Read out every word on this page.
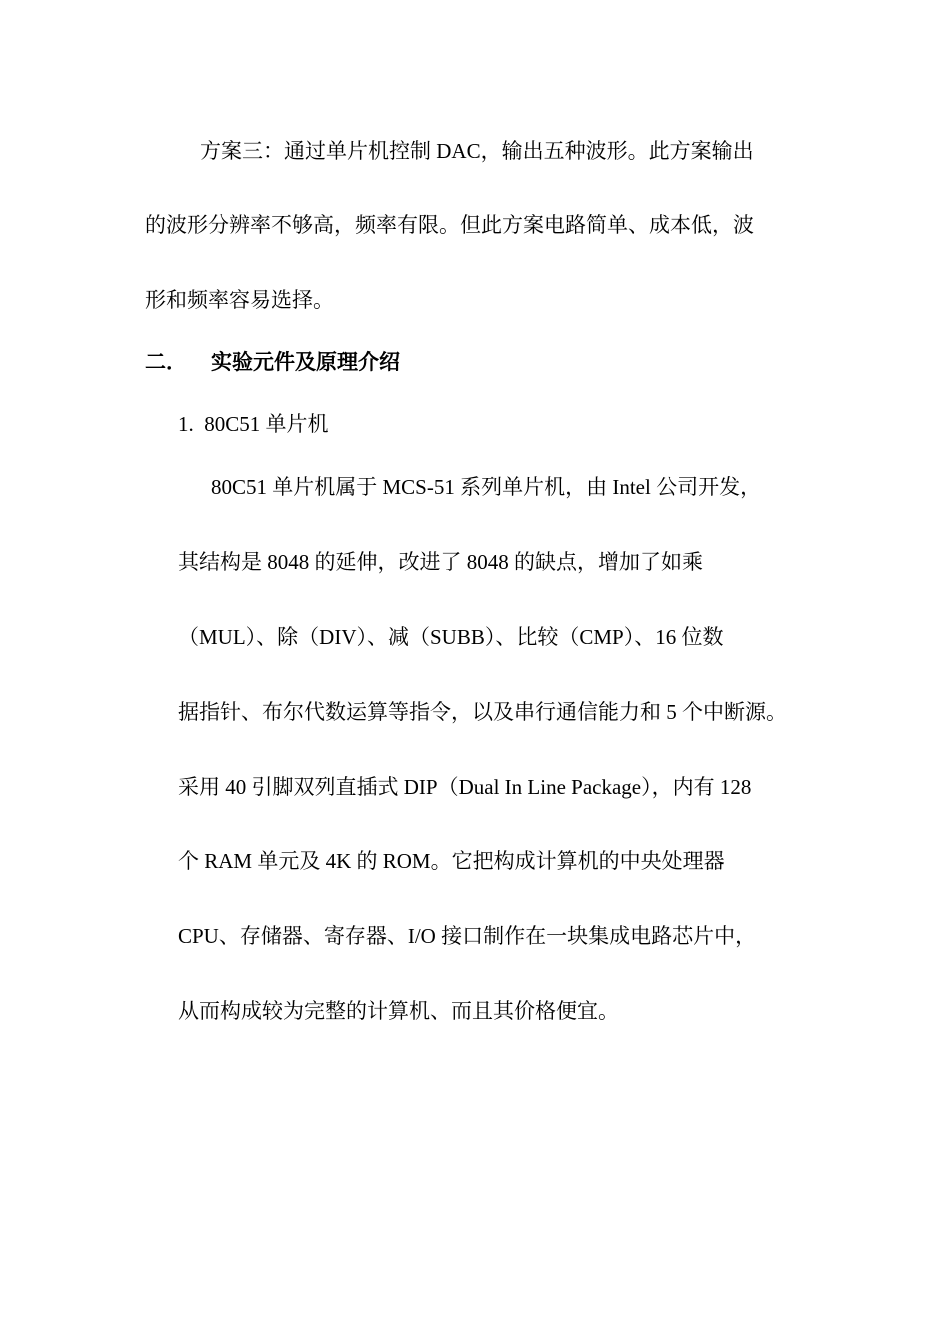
方案三：通过单片机控制 DAC，输出五种波形。此方案输出
的波形分辨率不够高，频率有限。但此方案电路简单、成本低，波
形和频率容易选择。
二． 实验元件及原理介绍
1.  80C51 单片机
80C51 单片机属于 MCS-51 系列单片机，由 Intel 公司开发，
其结构是 8048 的延伸，改进了 8048 的缺点，增加了如乘
（MUL）、除（DIV）、减（SUBB）、比较（CMP）、16 位数
据指针、布尔代数运算等指令，以及串行通信能力和 5 个中断源。
采用 40 引脚双列直插式 DIP（Dual In Line Package），内有 128
个 RAM 单元及 4K 的 ROM。它把构成计算机的中央处理器
CPU、存储器、寄存器、I/O 接口制作在一块集成电路芯片中，
从而构成较为完整的计算机、而且其价格便宜。
